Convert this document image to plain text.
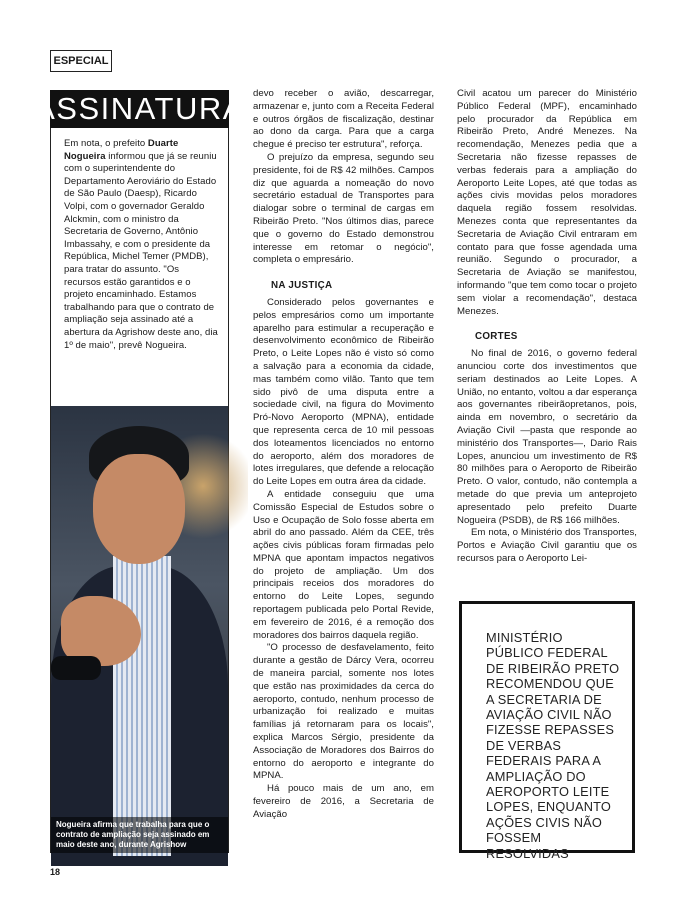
ESPECIAL
ASSINATURA

Em nota, o prefeito Duarte Nogueira informou que já se reuniu com o superintendente do Departamento Aeroviário do Estado de São Paulo (Daesp), Ricardo Volpi, com o governador Geraldo Alckmin, com o ministro da Secretaria de Governo, Antônio Imbassahy, e com o presidente da República, Michel Temer (PMDB), para tratar do assunto. "Os recursos estão garantidos e o projeto encaminhado. Estamos trabalhando para que o contrato de ampliação seja assinado até a abertura da Agrishow deste ano, dia 1º de maio", prevê Nogueira.

Nogueira afirma que trabalha para que o contrato de ampliação seja assinado em maio deste ano, durante Agrishow

devo receber o avião, descarregar, armazenar e, junto com a Receita Federal e outros órgãos de fiscalização, destinar ao dono da carga. Para que a carga chegue é preciso ter estrutura", reforça.

O prejuízo da empresa, segundo seu presidente, foi de R$ 42 milhões. Campos diz que aguarda a nomeação do novo secretário estadual de Transportes para dialogar sobre o terminal de cargas em Ribeirão Preto. "Nos últimos dias, parece que o governo do Estado demonstrou interesse em retomar o negócio", completa o empresário.

NA JUSTIÇA

Considerado pelos governantes e pelos empresários como um importante aparelho para estimular a recuperação e desenvolvimento econômico de Ribeirão Preto, o Leite Lopes não é visto só como a salvação para a economia da cidade, mas também como vilão. Tanto que tem sido pivô de uma disputa entre a sociedade civil, na figura do Movimento Pró-Novo Aeroporto (MPNA), entidade que representa cerca de 10 mil pessoas dos loteamentos licenciados no entorno do aeroporto, além dos moradores de lotes irregulares, que defende a relocação do Leite Lopes em outra área da cidade.

A entidade conseguiu que uma Comissão Especial de Estudos sobre o Uso e Ocupação de Solo fosse aberta em abril do ano passado. Além da CEE, três ações civis públicas foram firmadas pelo MPNA que apontam impactos negativos do projeto de ampliação. Um dos principais receios dos moradores do entorno do Leite Lopes, segundo reportagem publicada pelo Portal Revide, em fevereiro de 2016, é a remoção dos moradores dos bairros daquela região.

"O processo de desfavelamento, feito durante a gestão de Dárcy Vera, ocorreu de maneira parcial, somente nos lotes que estão nas proximidades da cerca do aeroporto, contudo, nenhum processo de urbanização foi realizado e muitas famílias já retornaram para os locais", explica Marcos Sérgio, presidente da Associação de Moradores dos Bairros do entorno do aeroporto e integrante do MPNA.

Há pouco mais de um ano, em fevereiro de 2016, a Secretaria de Aviação

Civil acatou um parecer do Ministério Público Federal (MPF), encaminhado pelo procurador da República em Ribeirão Preto, André Menezes. Na recomendação, Menezes pedia que a Secretaria não fizesse repasses de verbas federais para a ampliação do Aeroporto Leite Lopes, até que todas as ações civis movidas pelos moradores daquela região fossem resolvidas. Menezes conta que representantes da Secretaria de Aviação Civil entraram em contato para que fosse agendada uma reunião. Segundo o procurador, a Secretaria de Aviação se manifestou, informando "que tem como tocar o projeto sem violar a recomendação", destaca Menezes.

CORTES

No final de 2016, o governo federal anunciou corte dos investimentos que seriam destinados ao Leite Lopes. A União, no entanto, voltou a dar esperança aos governantes ribeirãopretanos, pois, ainda em novembro, o secretário da Aviação Civil —pasta que responde ao ministério dos Transportes—, Dario Rais Lopes, anunciou um investimento de R$ 80 milhões para o Aeroporto de Ribeirão Preto. O valor, contudo, não contempla a metade do que previa um anteprojeto apresentado pelo prefeito Duarte Nogueira (PSDB), de R$ 166 milhões.

Em nota, o Ministério dos Transportes, Portos e Aviação Civil garantiu que os recursos para o Aeroporto Lei-

MINISTÉRIO PÚBLICO FEDERAL DE RIBEIRÃO PRETO RECOMENDOU QUE A SECRETARIA DE AVIAÇÃO CIVIL NÃO FIZESSE REPASSES DE VERBAS FEDERAIS PARA A AMPLIAÇÃO DO AEROPORTO LEITE LOPES, ENQUANTO AÇÕES CIVIS NÃO FOSSEM RESOLVIDAS
18
